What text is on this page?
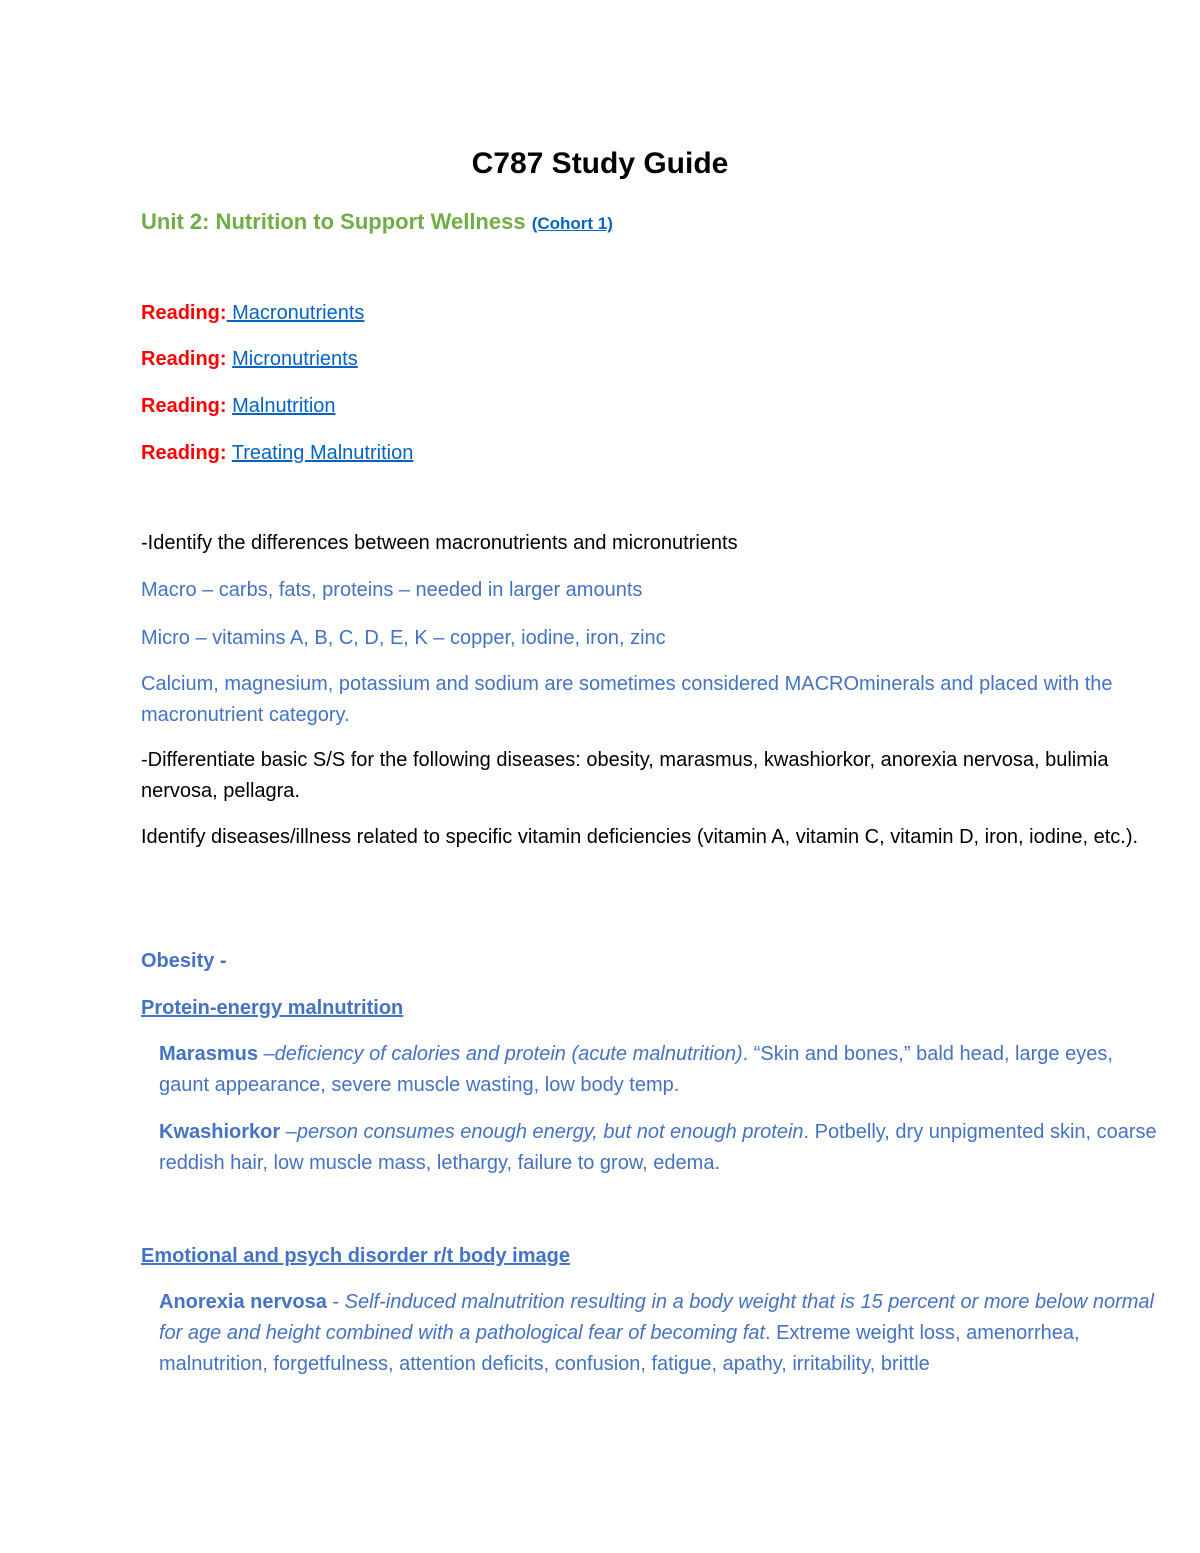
C787 Study Guide
Unit 2: Nutrition to Support Wellness (Cohort 1)
Reading: Macronutrients
Reading: Micronutrients
Reading: Malnutrition
Reading: Treating Malnutrition
-Identify the differences between macronutrients and micronutrients
Macro – carbs, fats, proteins – needed in larger amounts
Micro – vitamins A, B, C, D, E, K – copper, iodine, iron, zinc
Calcium, magnesium, potassium and sodium are sometimes considered MACROminerals and placed with the macronutrient category.
-Differentiate basic S/S for the following diseases: obesity, marasmus, kwashiorkor, anorexia nervosa, bulimia nervosa, pellagra.
Identify diseases/illness related to specific vitamin deficiencies (vitamin A, vitamin C, vitamin D, iron, iodine, etc.).
Obesity -
Protein-energy malnutrition
Marasmus –deficiency of calories and protein (acute malnutrition). “Skin and bones,” bald head, large eyes, gaunt appearance, severe muscle wasting, low body temp.
Kwashiorkor –person consumes enough energy, but not enough protein. Potbelly, dry unpigmented skin, coarse reddish hair, low muscle mass, lethargy, failure to grow, edema.
Emotional and psych disorder r/t body image
Anorexia nervosa - Self-induced malnutrition resulting in a body weight that is 15 percent or more below normal for age and height combined with a pathological fear of becoming fat. Extreme weight loss, amenorrhea, malnutrition, forgetfulness, attention deficits, confusion, fatigue, apathy, irritability, brittle
